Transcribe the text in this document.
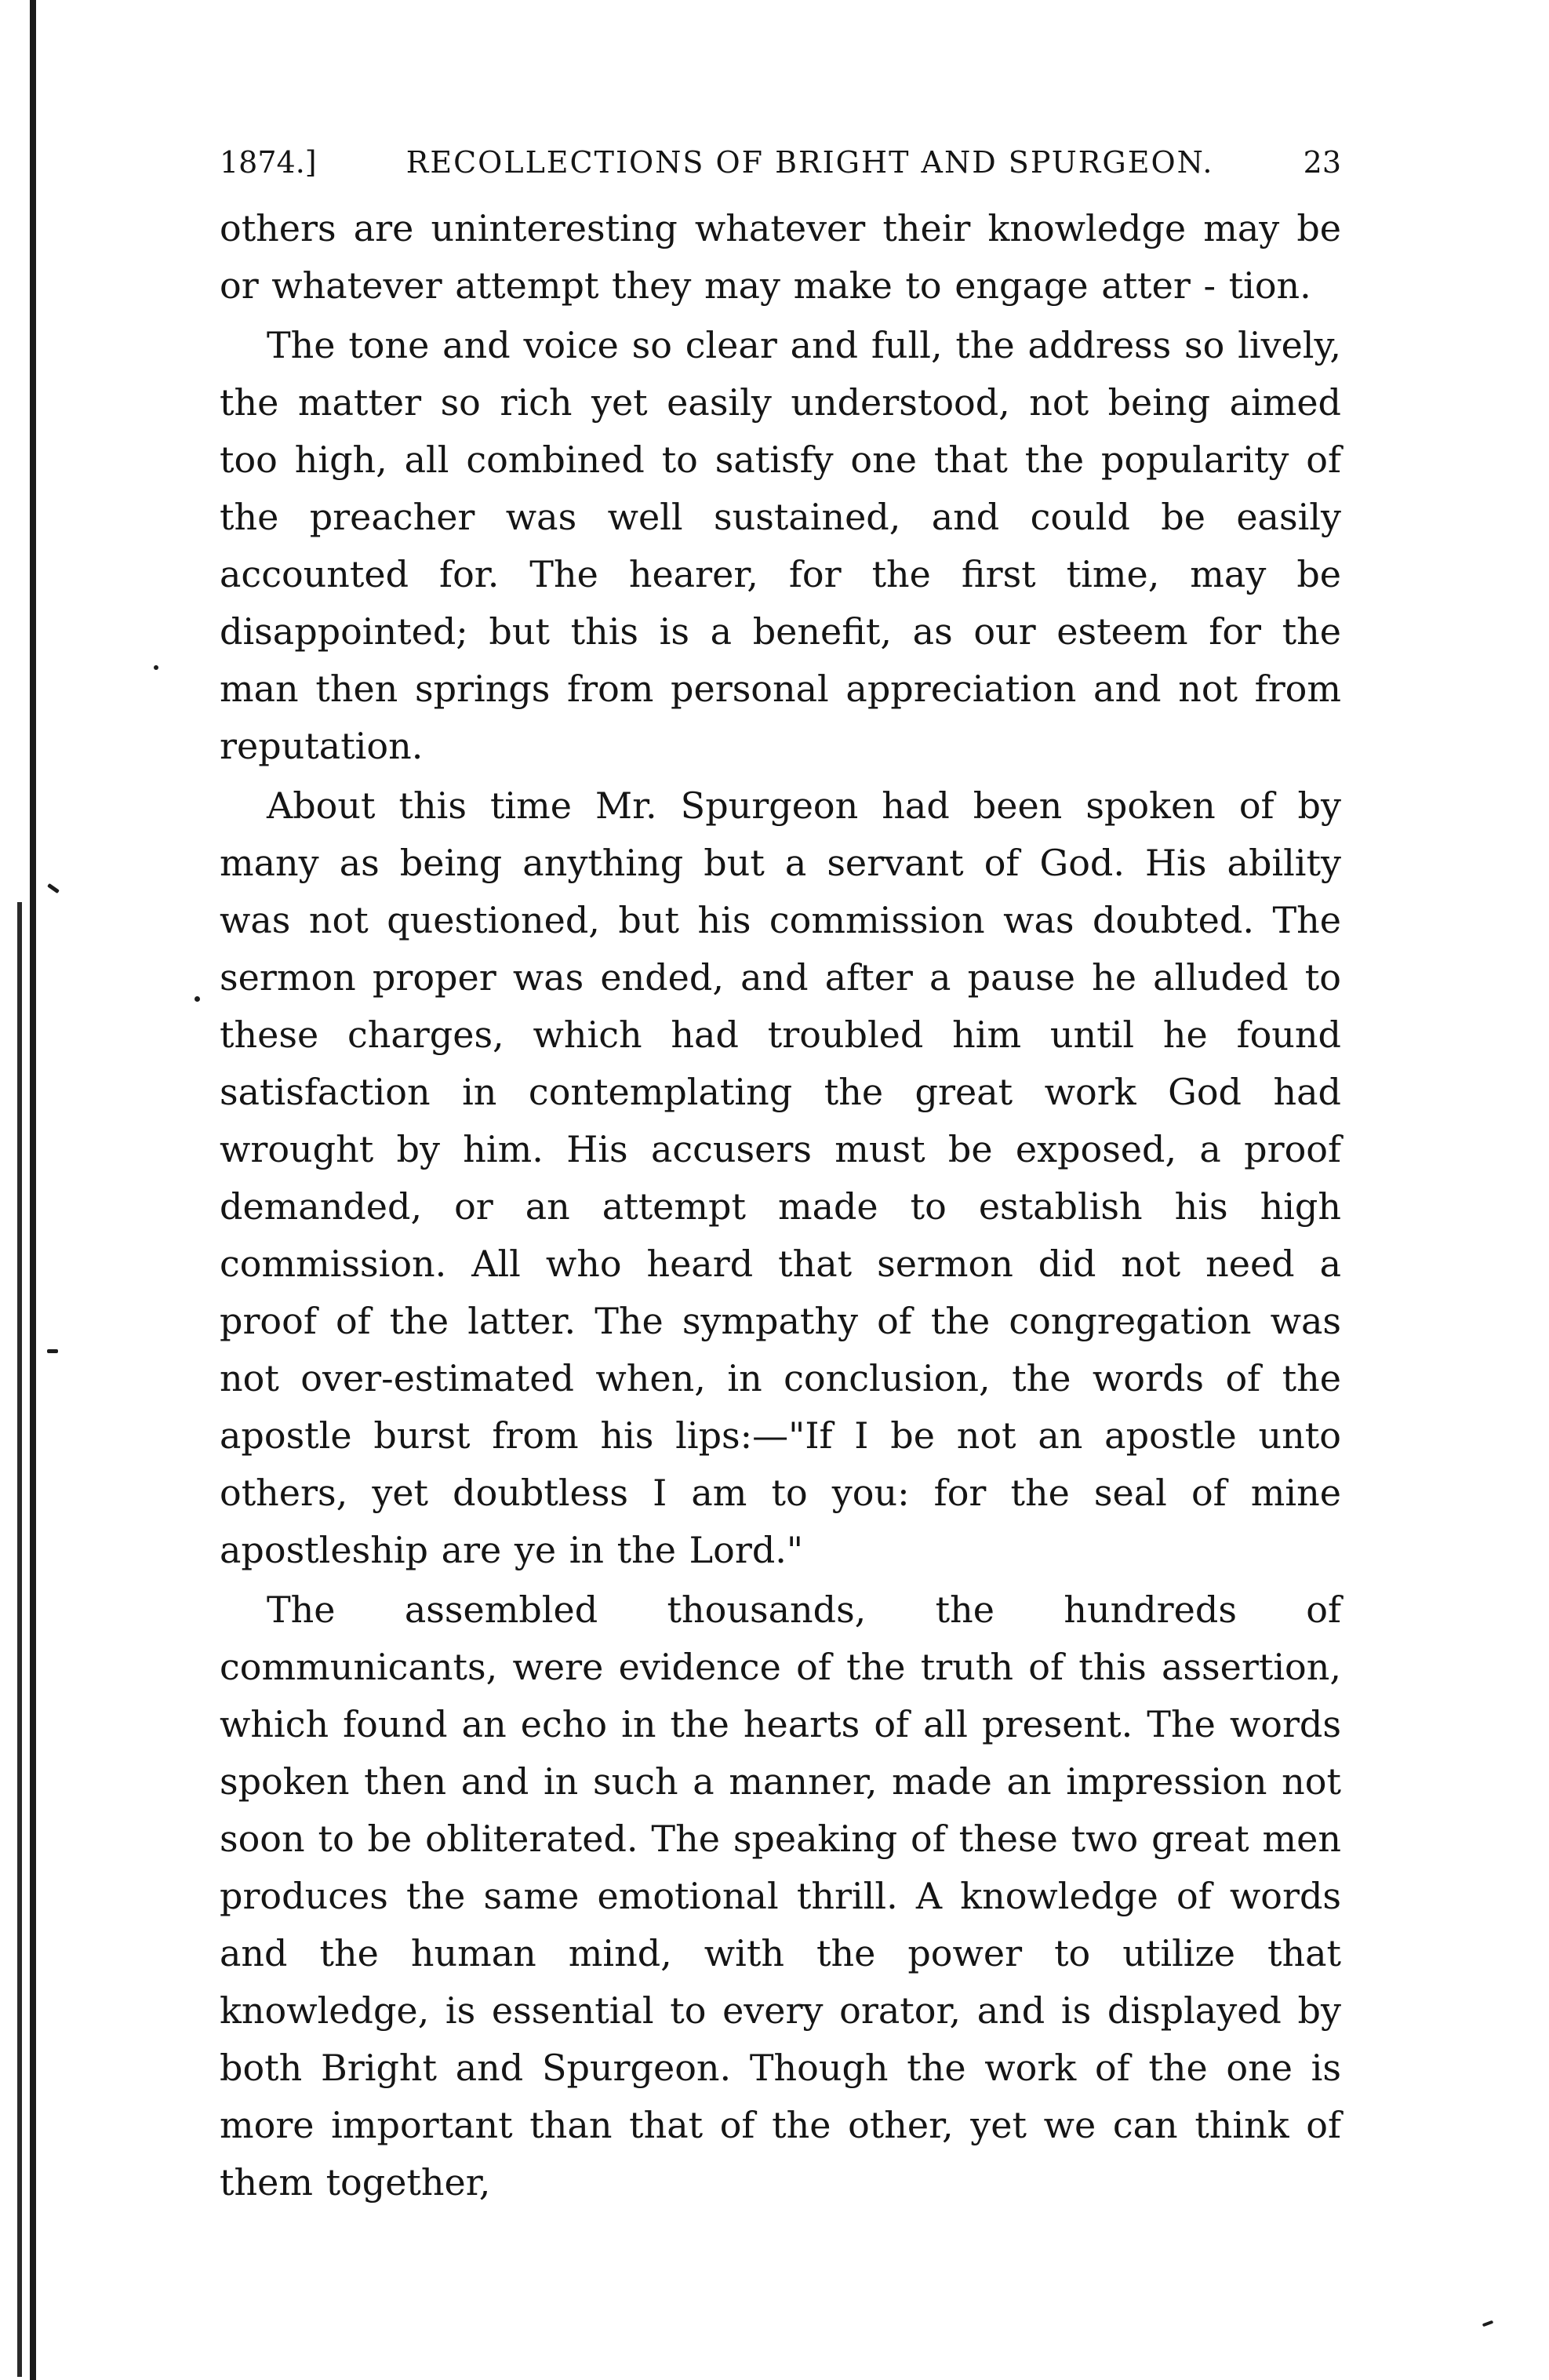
1874.]	RECOLLECTIONS OF BRIGHT AND SPURGEON.	23

others are uninteresting whatever their knowledge may be or whatever attempt they may make to engage atter - tion.

The tone and voice so clear and full, the address so lively, the matter so rich yet easily understood, not being aimed too high, all combined to satisfy one that the popularity of the preacher was well sustained, and could be easily accounted for. The hearer, for the first time, may be disappointed; but this is a benefit, as our esteem for the man then springs from personal appreciation and not from reputation.

About this time Mr. Spurgeon had been spoken of by many as being anything but a servant of God. His ability was not questioned, but his commission was doubted. The sermon proper was ended, and after a pause he alluded to these charges, which had troubled him until he found satisfaction in contemplating the great work God had wrought by him. His accusers must be exposed, a proof demanded, or an attempt made to establish his high commission. All who heard that sermon did not need a proof of the latter. The sympathy of the congregation was not over-estimated when, in conclusion, the words of the apostle burst from his lips:—"If I be not an apostle unto others, yet doubtless I am to you: for the seal of mine apostleship are ye in the Lord."

The assembled thousands, the hundreds of communicants, were evidence of the truth of this assertion, which found an echo in the hearts of all present. The words spoken then and in such a manner, made an impression not soon to be obliterated. The speaking of these two great men produces the same emotional thrill. A knowledge of words and the human mind, with the power to utilize that knowledge, is essential to every orator, and is displayed by both Bright and Spurgeon. Though the work of the one is more important than that of the other, yet we can think of them together,
